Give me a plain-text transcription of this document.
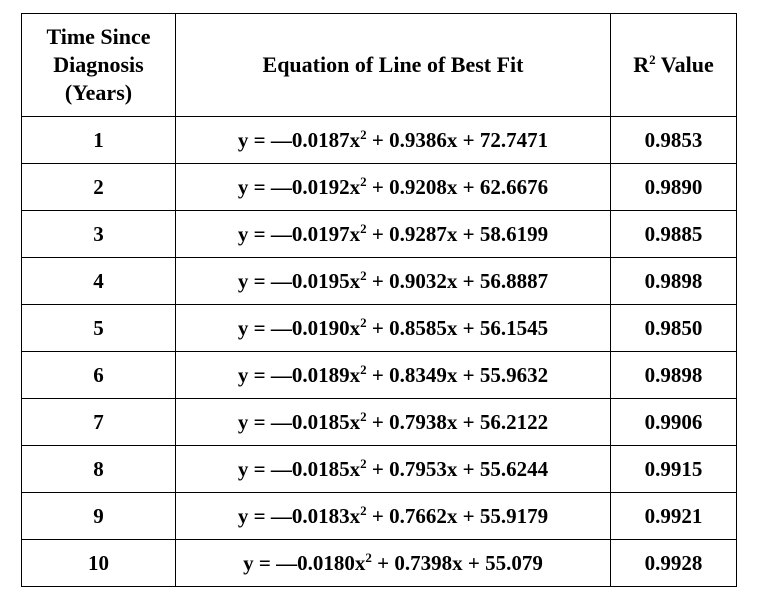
Time Since
Diagnosis
(Years)	Equation of Line of Best Fit	$R^2$ Value
1	$y = —0.0187x^2 + 0.9386x + 72.7471$	0.9853
2	$y = —0.0192x^2 + 0.9208x + 62.6676$	0.9890
3	$y = —0.0197x^2 + 0.9287x + 58.6199$	0.9885
4	$y = —0.0195x^2 + 0.9032x + 56.8887$	0.9898
5	$y = —0.0190x^2 + 0.8585x + 56.1545$	0.9850
6	$y = —0.0189x^2 + 0.8349x + 55.9632$	0.9898
7	$y = —0.0185x^2 + 0.7938x + 56.2122$	0.9906
8	$y = —0.0185x^2 + 0.7953x + 55.6244$	0.9915
9	$y = —0.0183x^2 + 0.7662x + 55.9179$	0.9921
10	$y = —0.0180x^2 + 0.7398x + 55.079$	0.9928
